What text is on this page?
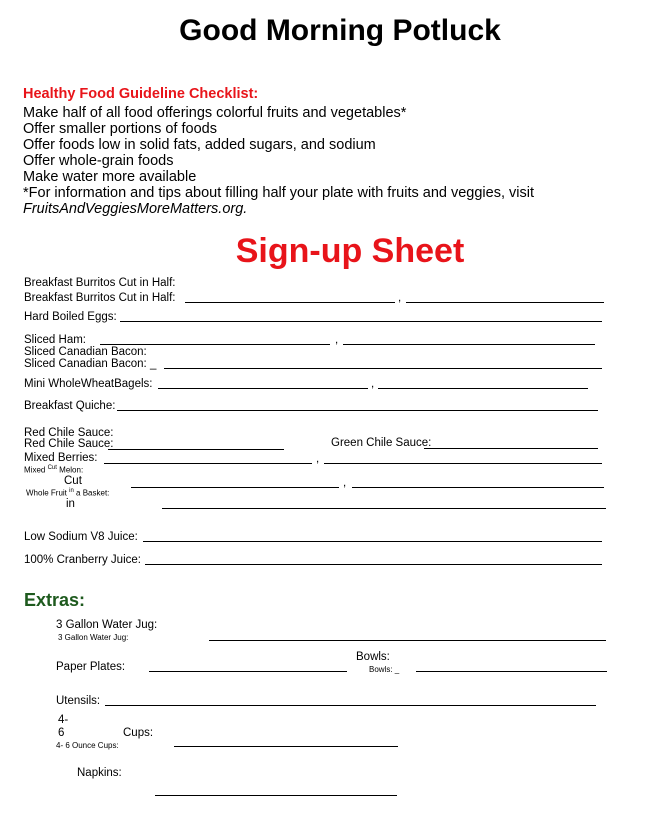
Good Morning Potluck
Healthy Food Guideline Checklist:
Make half of all food offerings colorful fruits and vegetables*
Offer smaller portions of foods
Offer foods low in solid fats, added sugars, and sodium
Offer whole-grain foods
Make water more available
*For information and tips about filling half your plate with fruits and veggies, visit
FruitsAndVeggiesMoreMatters.org.
Sign-up Sheet
Breakfast Burritos Cut in Half:
Breakfast Burritos Cut in Half:	,
Hard Boiled Eggs:
Sliced Ham:	,
Sliced Canadian Bacon:
Sliced Canadian Bacon: _
Mini WholeWheatBagels:	,
Breakfast Quiche:
Red Chile Sauce:
Red Chile Sauce:	Green Chile Sauce:
Mixed Berries:	,
Mixed $^{Cut}$ Melon:
Cut	,
Whole Fruit $^{in}$ a Basket:
in
Low Sodium V8 Juice:
100% Cranberry Juice:
Extras:
3 Gallon Water Jug:
3 Gallon Water Jug:
Bowls:
Paper Plates:	Bowls: _
Utensils:
4-
6	Cups:
4- 6 Ounce Cups:
Napkins:
